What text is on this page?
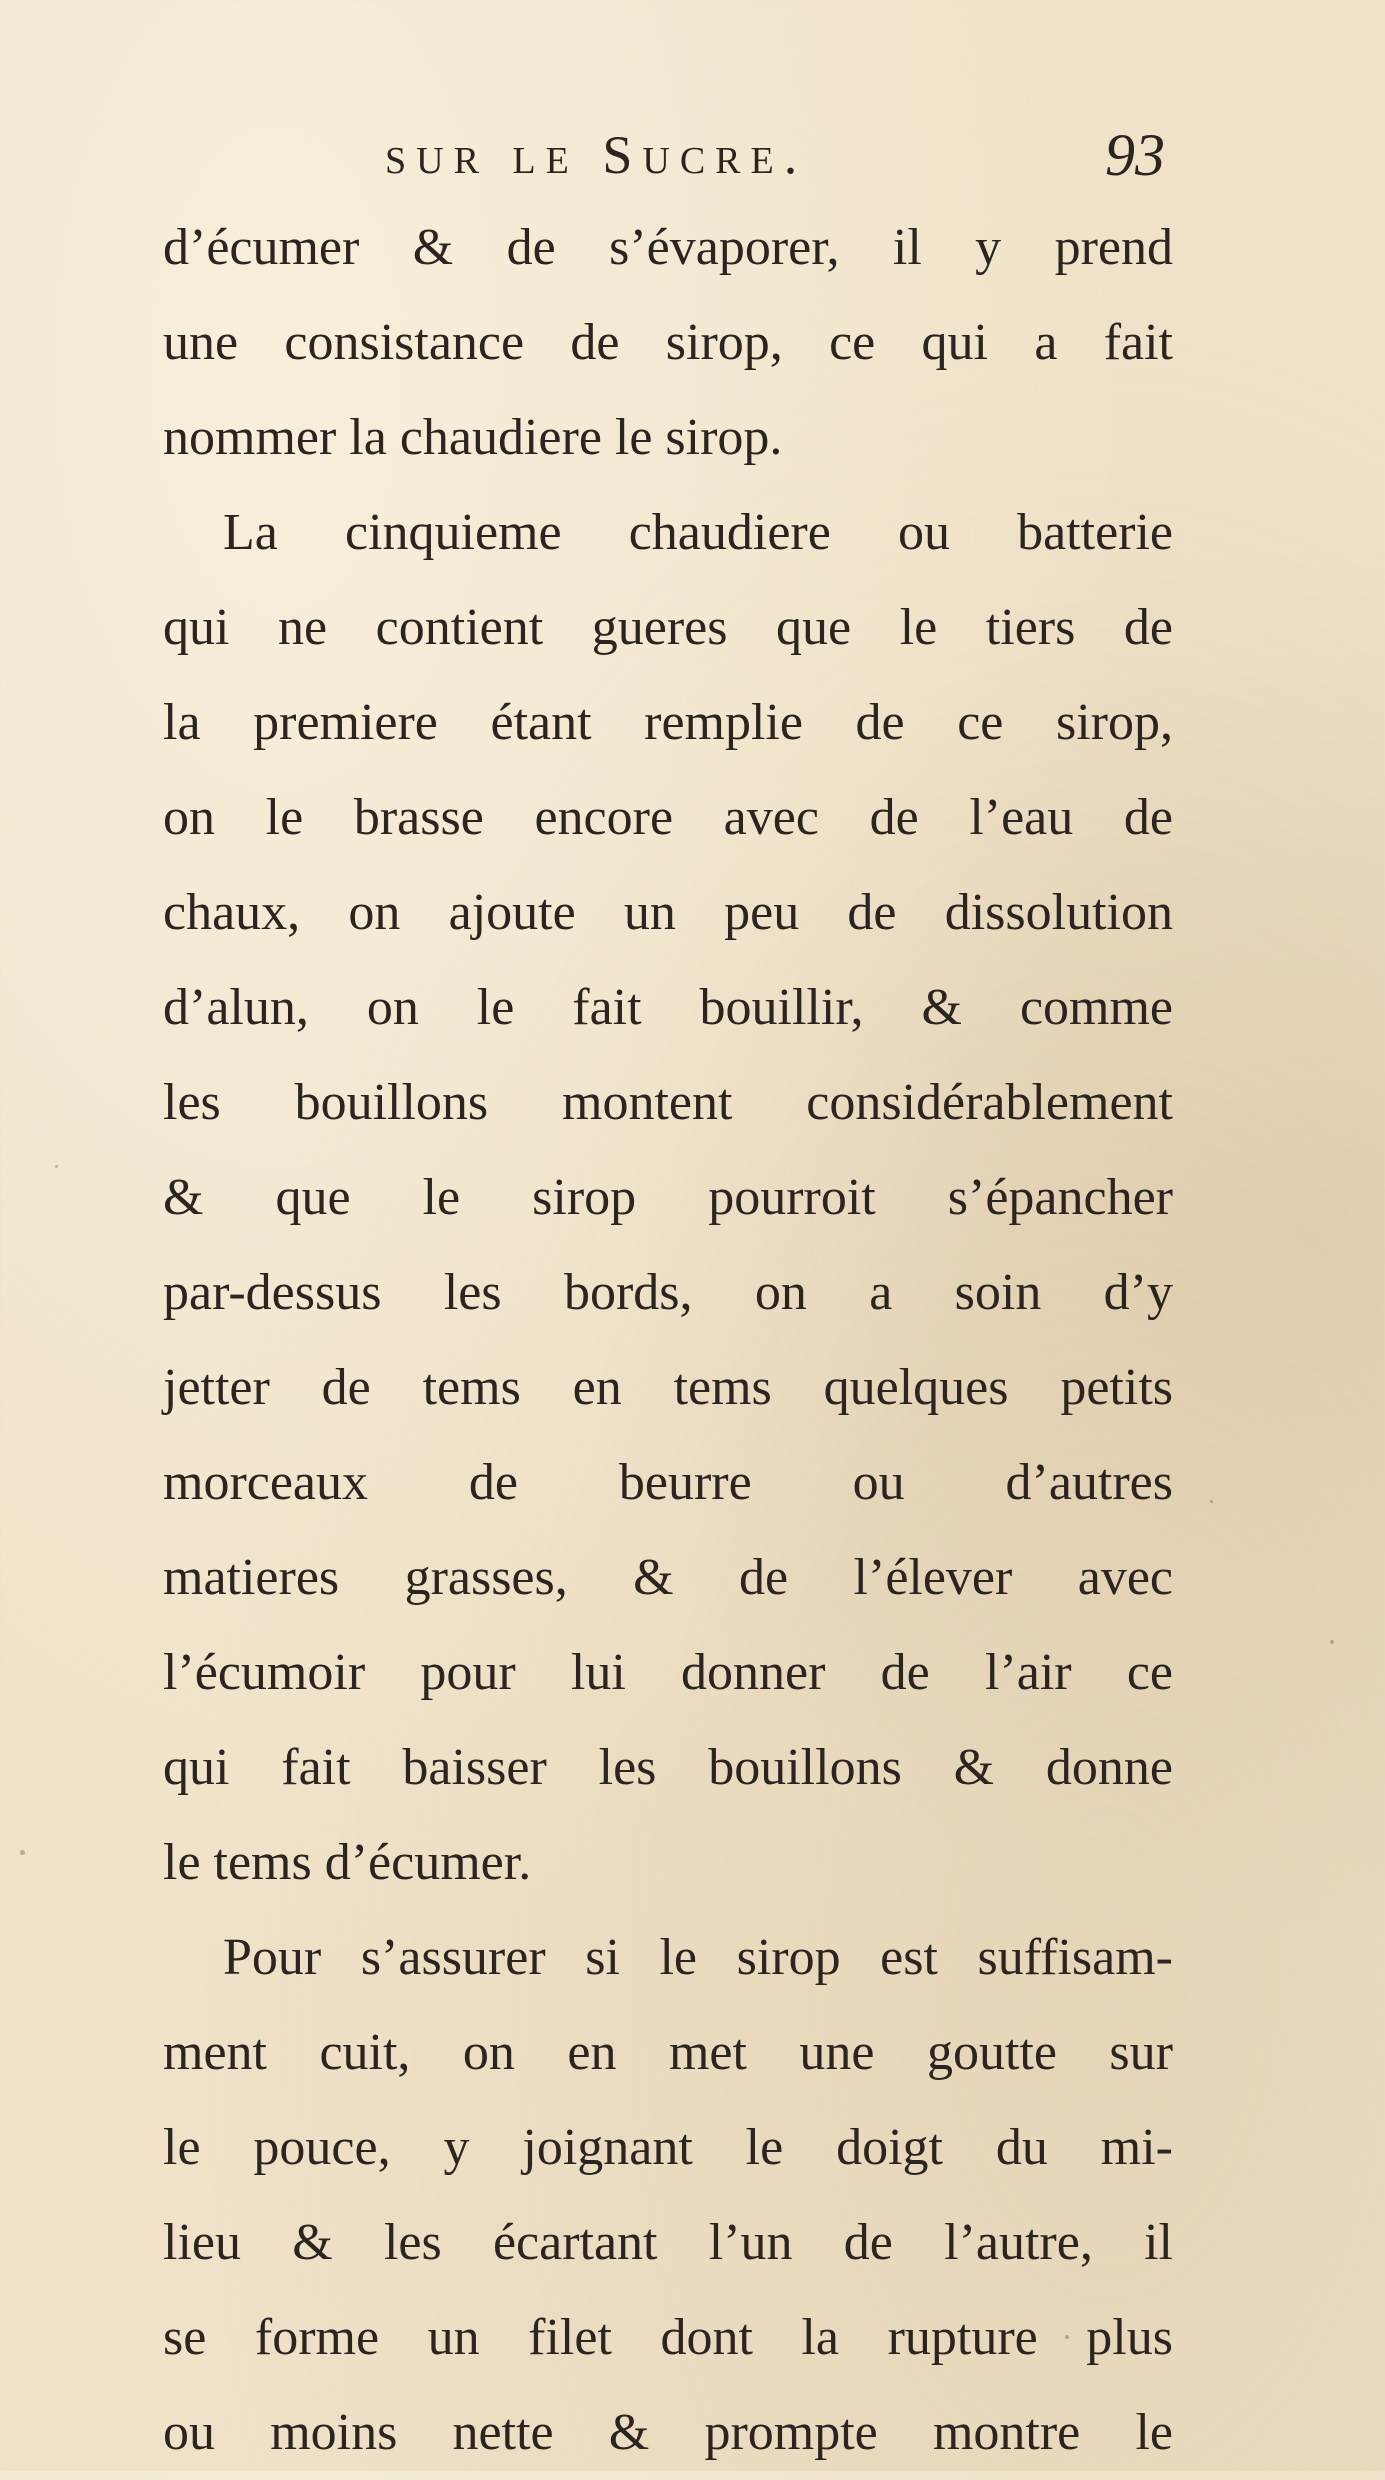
sur le Sucre.	93
d’écumer & de s’évaporer, il y prend
une consistance de sirop, ce qui a fait
nommer la chaudiere le sirop.
La cinquieme chaudiere ou batterie
qui ne contient gueres que le tiers de
la premiere étant remplie de ce sirop,
on le brasse encore avec de l’eau de
chaux, on ajoute un peu de dissolution
d’alun, on le fait bouillir, & comme
les bouillons montent considérablement
& que le sirop pourroit s’épancher
par-dessus les bords, on a soin d’y
jetter de tems en tems quelques petits
morceaux de beurre ou d’autres
matieres grasses, & de l’élever avec
l’écumoir pour lui donner de l’air ce
qui fait baisser les bouillons & donne
le tems d’écumer.
Pour s’assurer si le sirop est suffisam-
ment cuit, on en met une goutte sur
le pouce, y joignant le doigt du mi-
lieu & les écartant l’un de l’autre, il
se forme un filet dont la rupture plus
ou moins nette & prompte montre le
